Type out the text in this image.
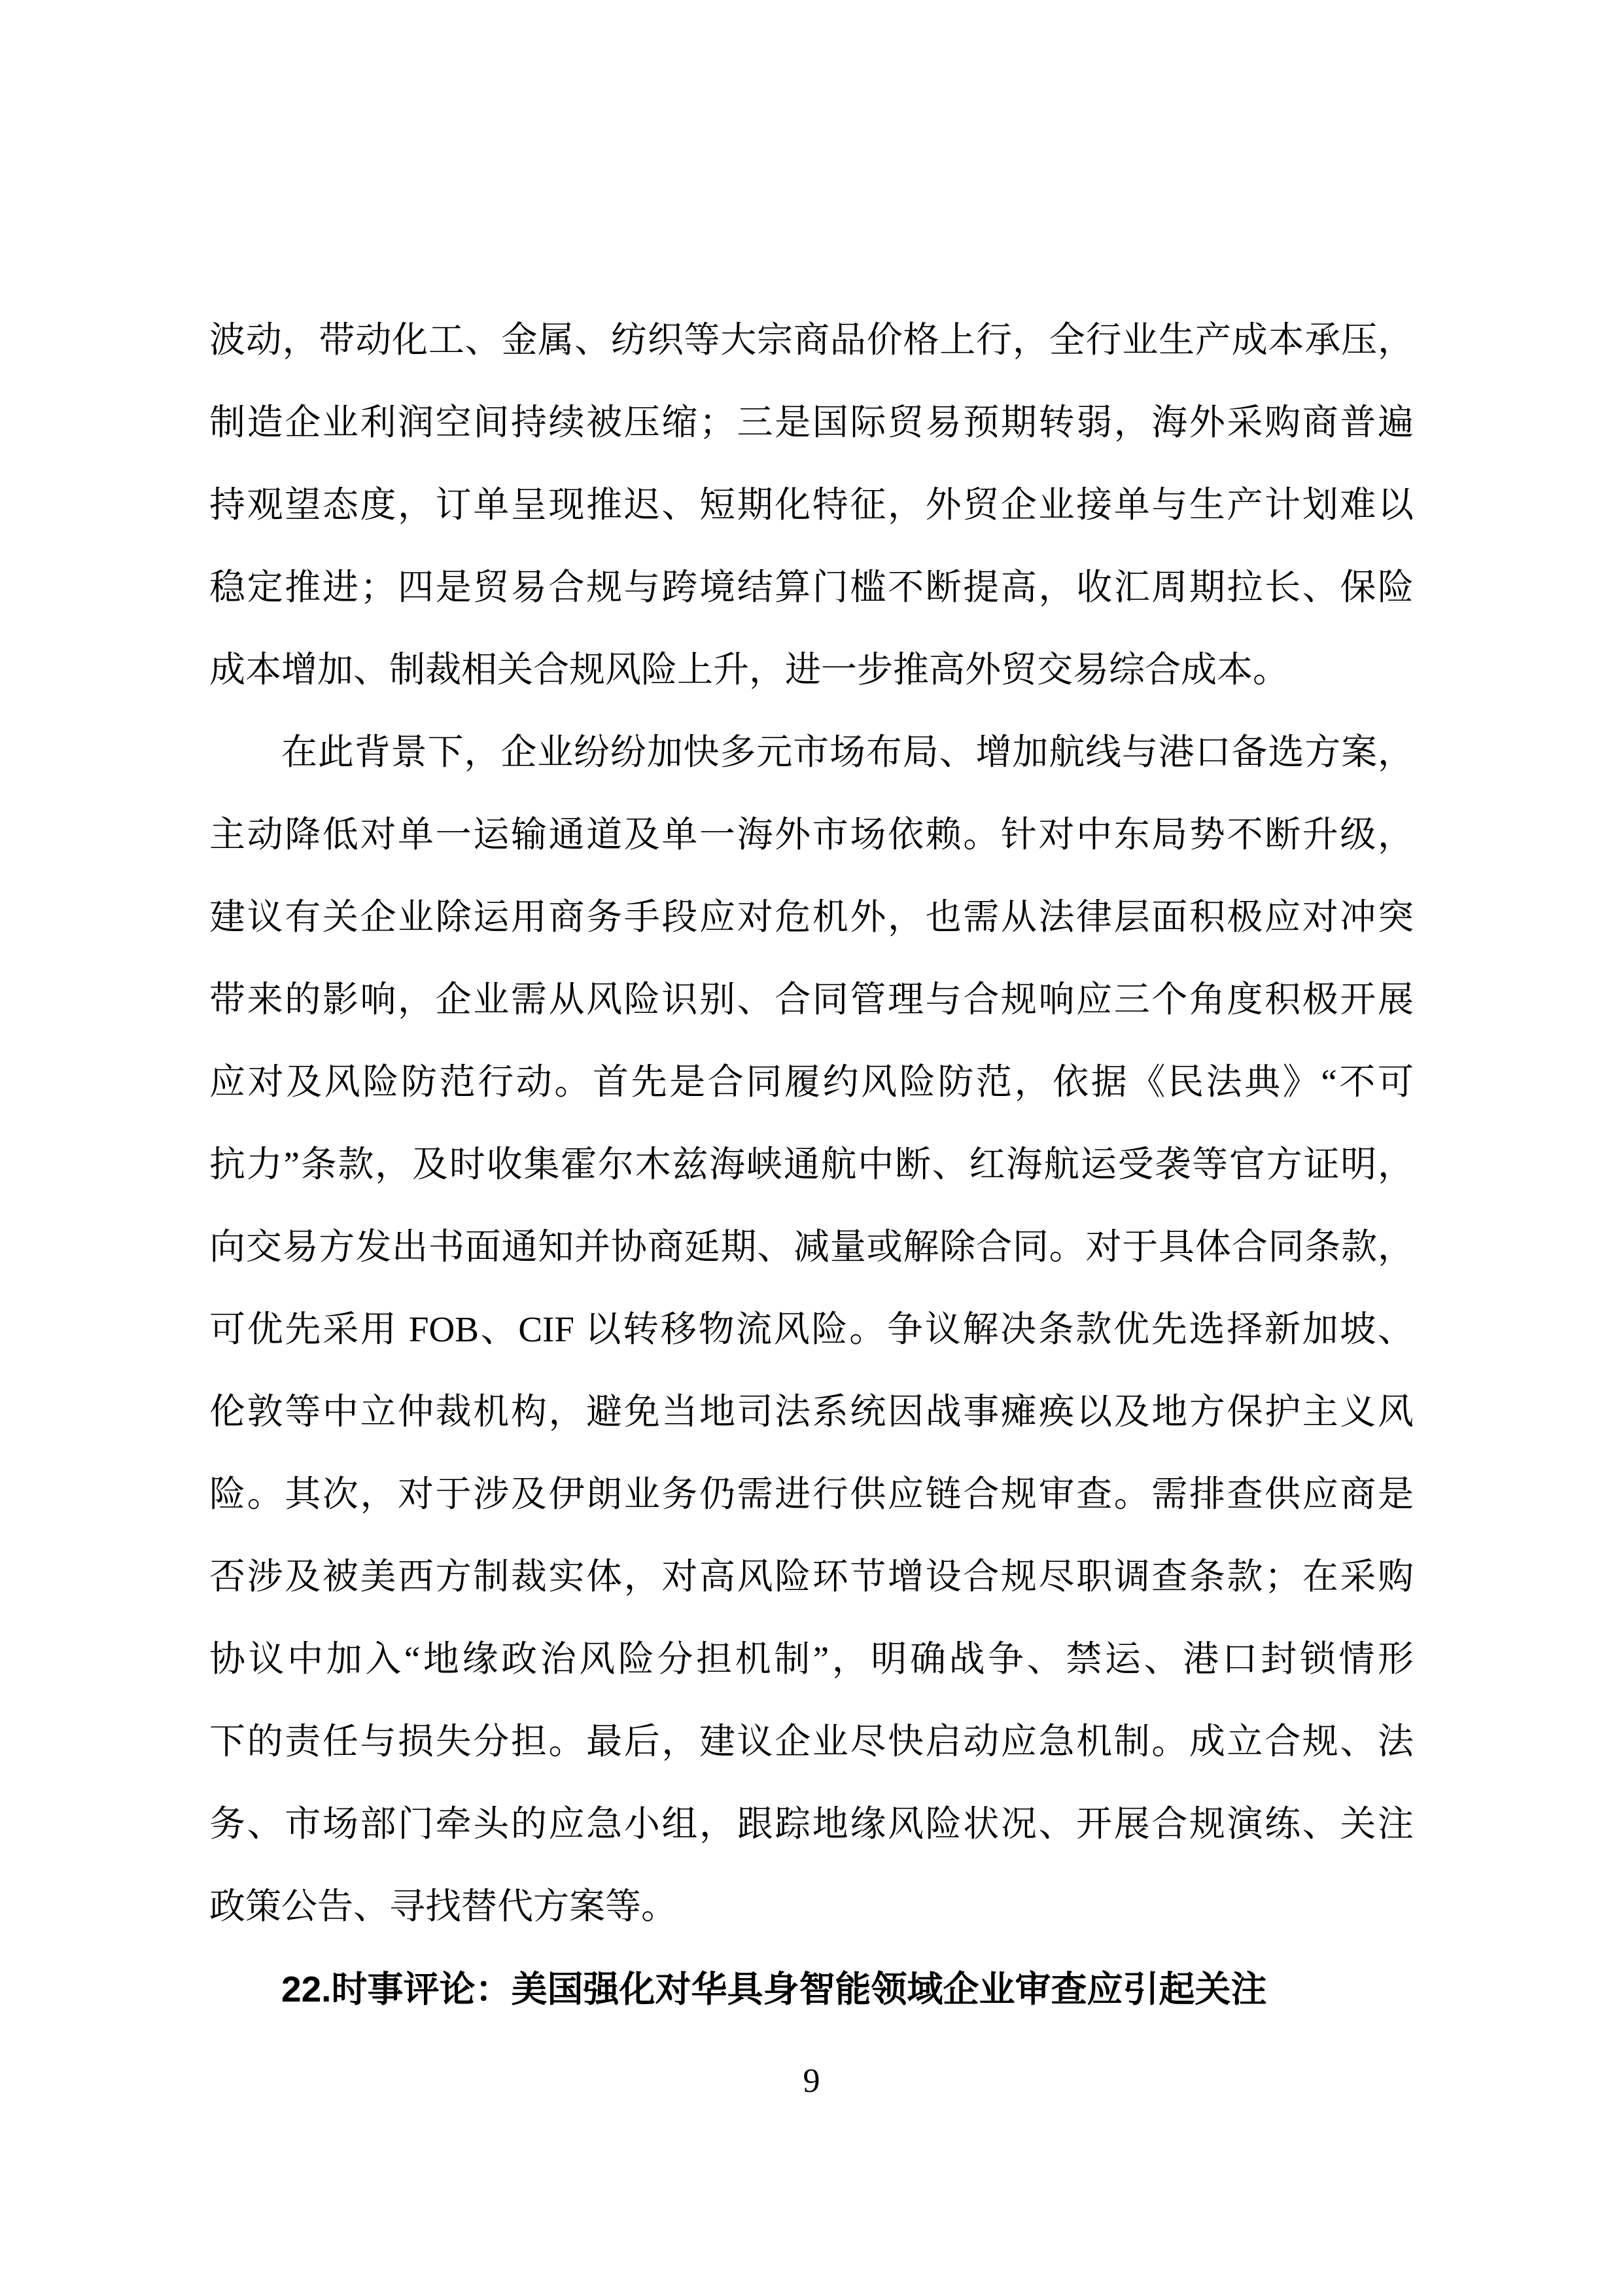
波动，带动化工、金属、纺织等大宗商品价格上行，全行业生产成本承压，
制造企业利润空间持续被压缩；三是国际贸易预期转弱，海外采购商普遍
持观望态度，订单呈现推迟、短期化特征，外贸企业接单与生产计划难以
稳定推进；四是贸易合规与跨境结算门槛不断提高，收汇周期拉长、保险
成本增加、制裁相关合规风险上升，进一步推高外贸交易综合成本。
在此背景下，企业纷纷加快多元市场布局、增加航线与港口备选方案，
主动降低对单一运输通道及单一海外市场依赖。针对中东局势不断升级，
建议有关企业除运用商务手段应对危机外，也需从法律层面积极应对冲突
带来的影响，企业需从风险识别、合同管理与合规响应三个角度积极开展
应对及风险防范行动。首先是合同履约风险防范，依据《民法典》“不可
抗力”条款，及时收集霍尔木兹海峡通航中断、红海航运受袭等官方证明，
向交易方发出书面通知并协商延期、减量或解除合同。对于具体合同条款，
可优先采用 FOB、CIF 以转移物流风险。争议解决条款优先选择新加坡、
伦敦等中立仲裁机构，避免当地司法系统因战事瘫痪以及地方保护主义风
险。其次，对于涉及伊朗业务仍需进行供应链合规审查。需排查供应商是
否涉及被美西方制裁实体，对高风险环节增设合规尽职调查条款；在采购
协议中加入“地缘政治风险分担机制”，明确战争、禁运、港口封锁情形
下的责任与损失分担。最后，建议企业尽快启动应急机制。成立合规、法
务、市场部门牵头的应急小组，跟踪地缘风险状况、开展合规演练、关注
政策公告、寻找替代方案等。
22.时事评论：美国强化对华具身智能领域企业审查应引起关注
9
